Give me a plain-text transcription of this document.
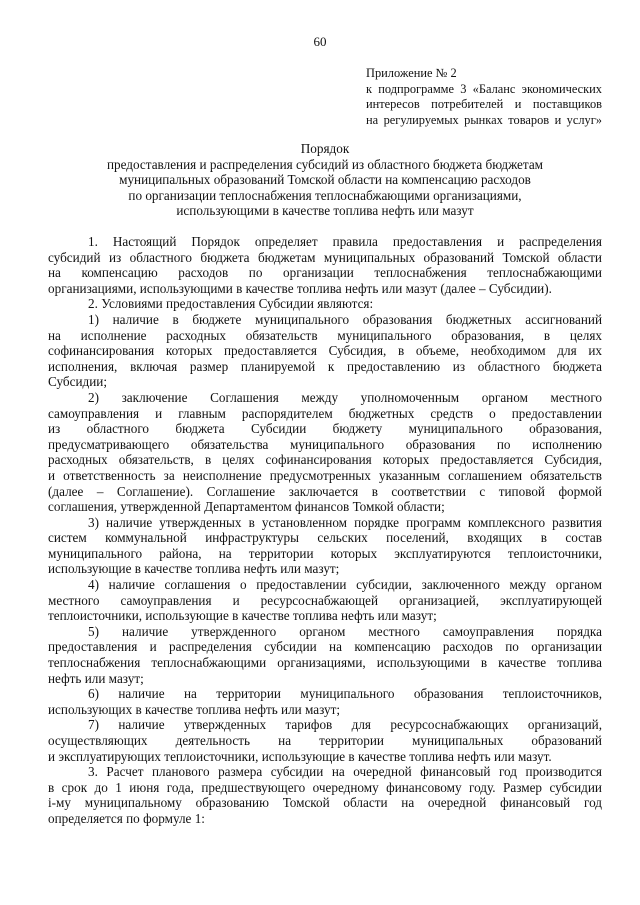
60
Приложение № 2
к подпрограмме 3 «Баланс экономических
интересов потребителей и поставщиков
на регулируемых рынках товаров и услуг»
Порядок
предоставления и распределения субсидий из областного бюджета бюджетам
муниципальных образований Томской области на компенсацию расходов
по организации теплоснабжения теплоснабжающими организациями,
использующими в качестве топлива нефть или мазут

1. Настоящий Порядок определяет правила предоставления и распределения
субсидий из областного бюджета бюджетам муниципальных образований Томской области
на компенсацию расходов по организации теплоснабжения теплоснабжающими
организациями, использующими в качестве топлива нефть или мазут (далее – Субсидии).

2. Условиями предоставления Субсидии являются:

1) наличие в бюджете муниципального образования бюджетных ассигнований
на исполнение расходных обязательств муниципального образования, в целях
софинансирования которых предоставляется Субсидия, в объеме, необходимом для их
исполнения, включая размер планируемой к предоставлению из областного бюджета
Субсидии;

2) заключение Соглашения между уполномоченным органом местного
самоуправления и главным распорядителем бюджетных средств о предоставлении
из областного бюджета Субсидии бюджету муниципального образования,
предусматривающего обязательства муниципального образования по исполнению
расходных обязательств, в целях софинансирования которых предоставляется Субсидия,
и ответственность за неисполнение предусмотренных указанным соглашением обязательств
(далее – Соглашение). Соглашение заключается в соответствии с типовой формой
соглашения, утвержденной Департаментом финансов Томкой области;

3) наличие утвержденных в установленном порядке программ комплексного развития
систем коммунальной инфраструктуры сельских поселений, входящих в состав
муниципального района, на территории которых эксплуатируются теплоисточники,
использующие в качестве топлива нефть или мазут;

4) наличие соглашения о предоставлении субсидии, заключенного между органом
местного самоуправления и ресурсоснабжающей организацией, эксплуатирующей
теплоисточники, использующие в качестве топлива нефть или мазут;

5) наличие утвержденного органом местного самоуправления порядка
предоставления и распределения субсидии на компенсацию расходов по организации
теплоснабжения теплоснабжающими организациями, использующими в качестве топлива
нефть или мазут;

6) наличие на территории муниципального образования теплоисточников,
использующих в качестве топлива нефть или мазут;

7) наличие утвержденных тарифов для ресурсоснабжающих организаций,
осуществляющих деятельность на территории муниципальных образований
и эксплуатирующих теплоисточники, использующие в качестве топлива нефть или мазут.

3. Расчет планового размера субсидии на очередной финансовый год производится
в срок до 1 июня года, предшествующего очередному финансовому году. Размер субсидии
i-му муниципальному образованию Томской области на очередной финансовый год
определяется по формуле 1:
